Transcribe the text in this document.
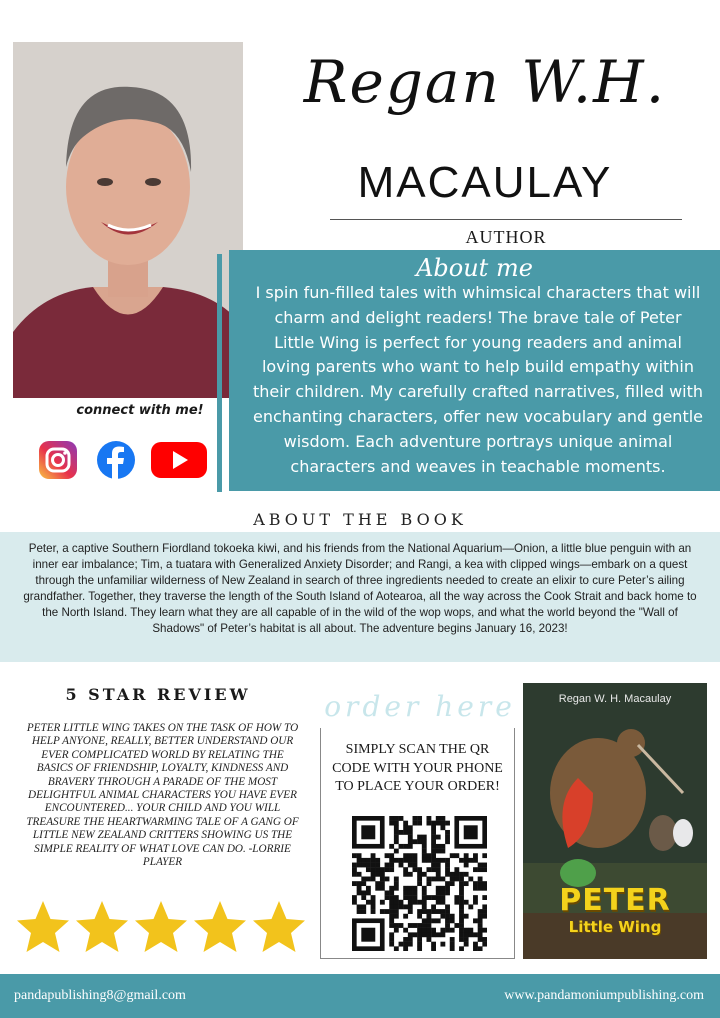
Regan W.H.
MACAULAY
AUTHOR
About me
I spin fun-filled tales with whimsical characters that will charm and delight readers! The brave tale of Peter Little Wing is perfect for young readers and animal loving parents who want to help build empathy within their children. My carefully crafted narratives, filled with enchanting characters, offer new vocabulary and gentle wisdom. Each adventure portrays unique animal characters and weaves in teachable moments.
connect with me!
ABOUT THE BOOK
Peter, a captive Southern Fiordland tokoeka kiwi, and his friends from the National Aquarium—Onion, a little blue penguin with an inner ear imbalance; Tim, a tuatara with Generalized Anxiety Disorder; and Rangi, a kea with clipped wings—embark on a quest through the unfamiliar wilderness of New Zealand in search of three ingredients needed to create an elixir to cure Peter’s ailing grandfather. Together, they traverse the length of the South Island of Aotearoa, all the way across the Cook Strait and back home to the North Island. They learn what they are all capable of in the wild of the wop wops, and what the world beyond the "Wall of Shadows" of Peter’s habitat is all about. The adventure begins January 16, 2023!
5 STAR REVIEW
PETER LITTLE WING TAKES ON THE TASK OF HOW TO HELP ANYONE, REALLY, BETTER UNDERSTAND OUR EVER COMPLICATED WORLD BY RELATING THE BASICS OF FRIENDSHIP, LOYALTY, KINDNESS AND BRAVERY THROUGH A PARADE OF THE MOST DELIGHTFUL ANIMAL CHARACTERS YOU HAVE EVER ENCOUNTERED... YOUR CHILD AND YOU WILL TREASURE THE HEARTWARMING TALE OF A GANG OF LITTLE NEW ZEALAND CRITTERS SHOWING US THE SIMPLE REALITY OF WHAT LOVE CAN DO. -LORRIE PLAYER
order here
SIMPLY SCAN THE QR CODE WITH YOUR PHONE TO PLACE YOUR ORDER!
Regan W. H. Macaulay
PETER
Little Wing
pandapublishing8@gmail.com	www.pandamoniumpublishing.com
